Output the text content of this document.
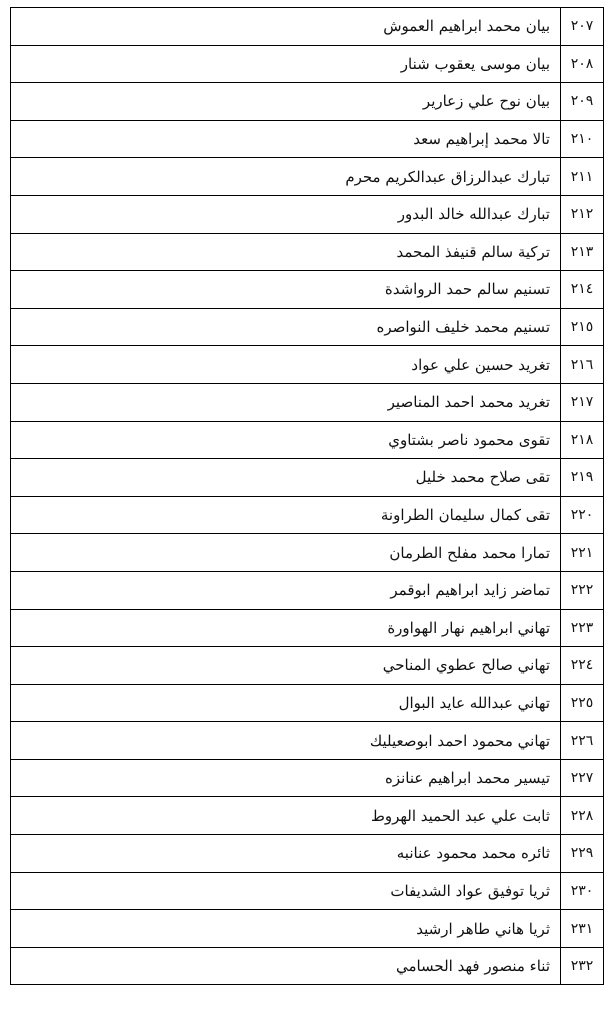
٢٠٧	بيان محمد ابراهيم العموش
٢٠٨	بيان موسى يعقوب شنار
٢٠٩	بيان نوح علي زعارير
٢١٠	تالا محمد إبراهيم سعد
٢١١	تبارك عبدالرزاق عبدالكريم محرم
٢١٢	تبارك عبدالله خالد البدور
٢١٣	تركية سالم قنيفذ المحمد
٢١٤	تسنيم سالم حمد الرواشدة
٢١٥	تسنيم محمد خليف النواصره
٢١٦	تغريد حسين علي عواد
٢١٧	تغريد محمد احمد المناصير
٢١٨	تقوى محمود ناصر بشتاوي
٢١٩	تقى صلاح محمد خليل
٢٢٠	تقى كمال سليمان الطراونة
٢٢١	تمارا محمد مفلح الطرمان
٢٢٢	تماضر زايد ابراهيم ابوقمر
٢٢٣	تهاني ابراهيم نهار الهواورة
٢٢٤	تهاني صالح عطوي المناحي
٢٢٥	تهاني عبدالله عايد البوال
٢٢٦	تهاني محمود احمد ابوصعيليك
٢٢٧	تيسير محمد ابراهيم عنانزه
٢٢٨	ثابت علي عبد الحميد الهروط
٢٢٩	ثائره محمد محمود عنانبه
٢٣٠	ثريا توفيق عواد الشديفات
٢٣١	ثريا هاني طاهر ارشيد
٢٣٢	ثناء منصور فهد الحسامي
